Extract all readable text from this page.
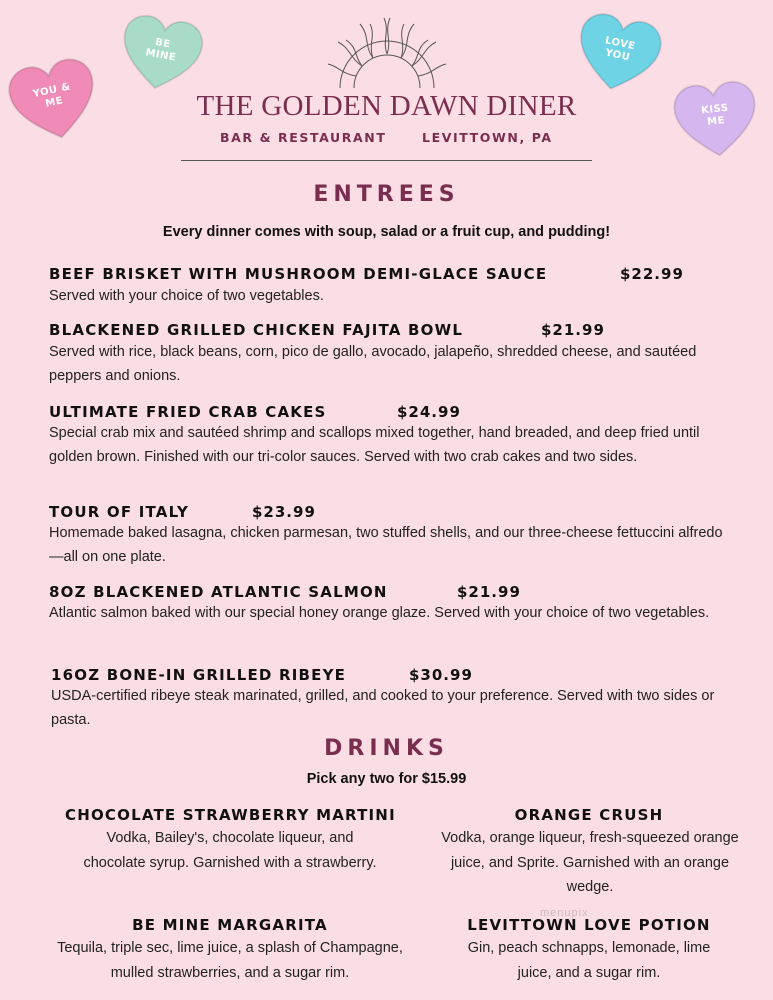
YOU &
ME
BE
MINE
LOVE
YOU
KISS
ME
THE GOLDEN DAWN DINER
BAR & RESTAURANT	LEVITTOWN, PA
ENTREES
Every dinner comes with soup, salad or a fruit cup, and pudding!
BEEF BRISKET WITH MUSHROOM DEMI-GLACE SAUCE	$22.99
Served with your choice of two vegetables.
BLACKENED GRILLED CHICKEN FAJITA BOWL	$21.99
Served with rice, black beans, corn, pico de gallo, avocado, jalapeño, shredded cheese, and sautéed peppers and onions.
ULTIMATE FRIED CRAB CAKES	$24.99
Special crab mix and sautéed shrimp and scallops mixed together, hand breaded, and deep fried until golden brown. Finished with our tri-color sauces. Served with two crab cakes and two sides.
TOUR OF ITALY	$23.99
Homemade baked lasagna, chicken parmesan, two stuffed shells, and our three-cheese fettuccini alfredo—all on one plate.
8OZ BLACKENED ATLANTIC SALMON	$21.99
Atlantic salmon baked with our special honey orange glaze. Served with your choice of two vegetables.
16OZ BONE-IN GRILLED RIBEYE	$30.99
USDA-certified ribeye steak marinated, grilled, and cooked to your preference. Served with two sides or pasta.
DRINKS
Pick any two for $15.99
CHOCOLATE STRAWBERRY MARTINI
Vodka, Bailey's, chocolate liqueur, and chocolate syrup. Garnished with a strawberry.
ORANGE CRUSH
Vodka, orange liqueur, fresh-squeezed orange juice, and Sprite. Garnished with an orange wedge.
BE MINE MARGARITA
Tequila, triple sec, lime juice, a splash of Champagne, mulled strawberries, and a sugar rim.
LEVITTOWN LOVE POTION
Gin, peach schnapps, lemonade, lime juice, and a sugar rim.
menupix
